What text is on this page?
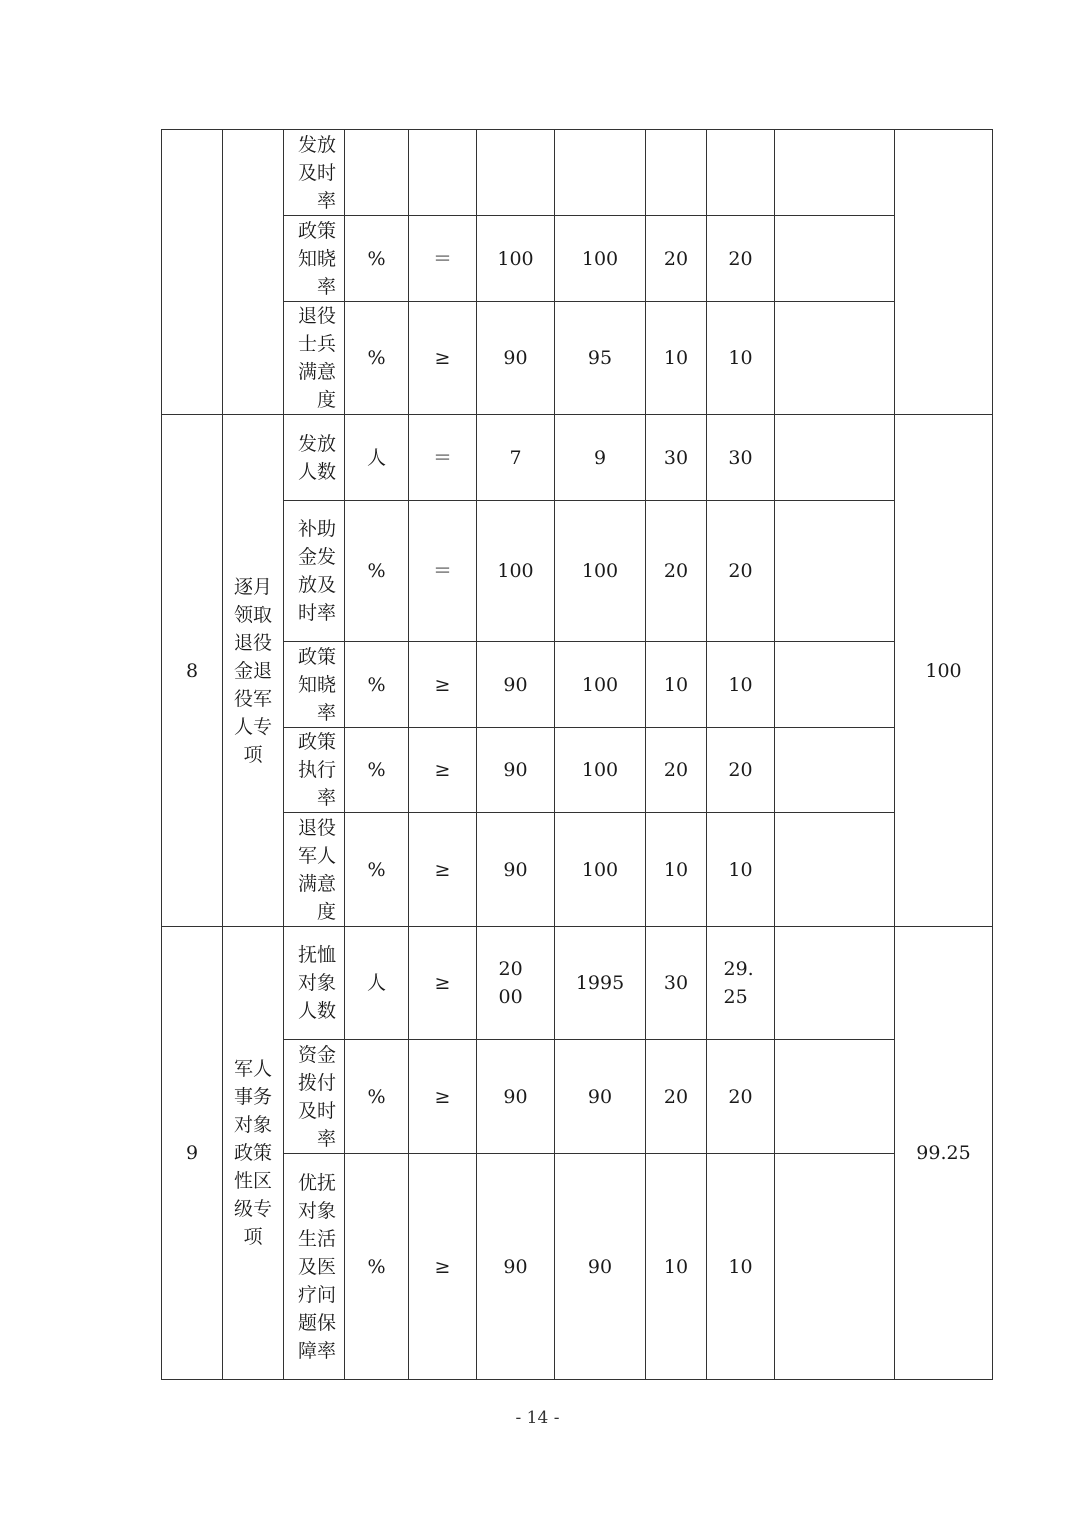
		发放及时率								

		政策知晓率	%	＝	100	100	20	20		

		退役士兵满意度	%	≥	90	95	10	10		
8	逐月领取退役金退役军人专项	发放人数	人	＝	7	9	30	30		100

		补助金发放及时率	%	＝	100	100	20	20		

		政策知晓率	%	≥	90	100	10	10		

		政策执行率	%	≥	90	100	20	20		

		退役军人满意度	%	≥	90	100	10	10		
9	军人事务对象政策性区级专项	抚恤对象人数	人	≥	2000	1995	30	29.25		99.25

		资金拨付及时率	%	≥	90	90	20	20		

		优抚对象生活及医疗问题保障率	%	≥	90	90	10	10		
- 14 -
